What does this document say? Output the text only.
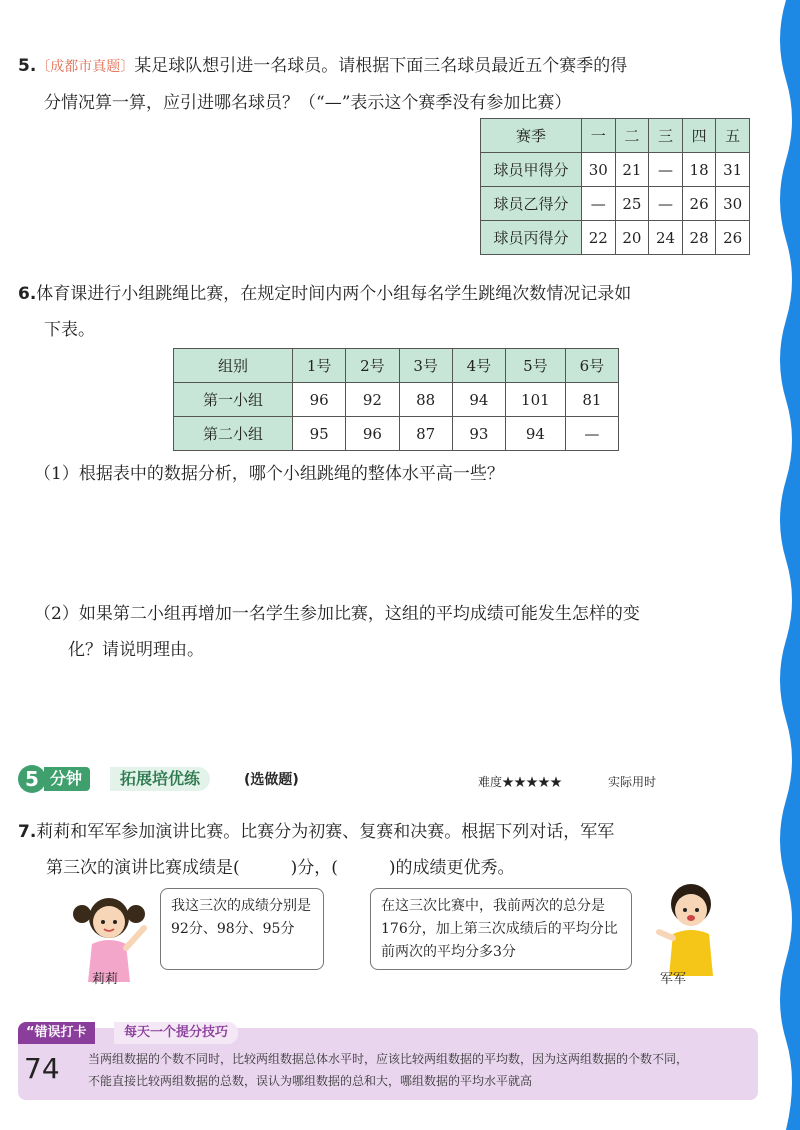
5.〔成都市真题〕某足球队想引进一名球员。请根据下面三名球员最近五个赛季的得
分情况算一算，应引进哪名球员？（“—”表示这个赛季没有参加比赛）
赛季	一	二	三	四	五
球员甲得分	30	21	—	18	31
球员乙得分	—	25	—	26	30
球员丙得分	22	20	24	28	26
6.体育课进行小组跳绳比赛，在规定时间内两个小组每名学生跳绳次数情况记录如
下表。
组别	1号	2号	3号	4号	5号	6号
第一小组	96	92	88	94	101	81
第二小组	95	96	87	93	94	—
（1）根据表中的数据分析，哪个小组跳绳的整体水平高一些？
（2）如果第二小组再增加一名学生参加比赛，这组的平均成绩可能发生怎样的变
化？请说明理由。
5 分钟	拓展培优练	(选做题)	难度★★★★★	实际用时
7.莉莉和军军参加演讲比赛。比赛分为初赛、复赛和决赛。根据下列对话，军军
第三次的演讲比赛成绩是(　　　)分，(　　　)的成绩更优秀。
莉莉
我这三次的成绩分别是92分、98分、95分
在这三次比赛中，我前两次的总分是176分，加上第三次成绩后的平均分比前两次的平均分多3分
军军
“错误打卡	每天一个提分技巧
当两组数据的个数不同时，比较两组数据总体水平时，应该比较两组数据的平均数，因为这两组数据的个数不同，
不能直接比较两组数据的总数，误认为哪组数据的总和大，哪组数据的平均水平就高
74
